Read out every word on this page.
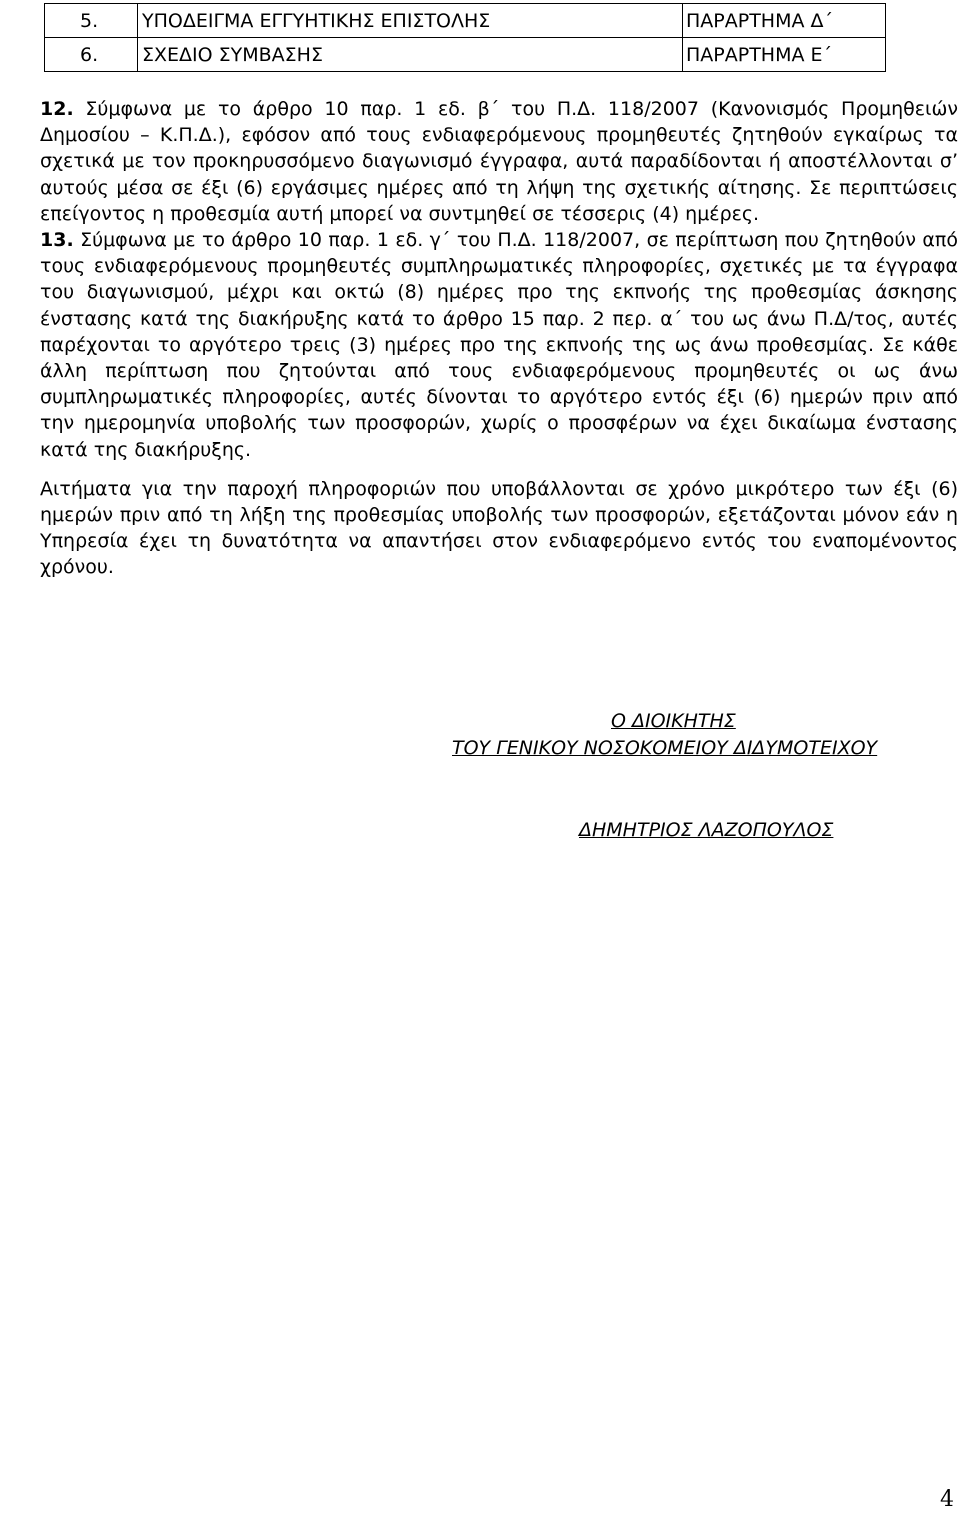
5.	ΥΠΟΔΕΙΓΜΑ ΕΓΓΥΗΤΙΚΗΣ ΕΠΙΣΤΟΛΗΣ	ΠΑΡΑΡΤΗΜΑ Δ΄
6.	ΣΧΕΔΙΟ ΣΥΜΒΑΣΗΣ	ΠΑΡΑΡΤΗΜΑ Ε΄

12. Σύμφωνα με το άρθρο 10 παρ. 1 εδ. β΄ του Π.Δ. 118/2007 (Κανονισμός Προμηθειών Δημοσίου – Κ.Π.Δ.), εφόσον από τους ενδιαφερόμενους προμηθευτές ζητηθούν εγκαίρως τα σχετικά με τον προκηρυσσόμενο διαγωνισμό έγγραφα, αυτά παραδίδονται ή αποστέλλονται σ’ αυτούς μέσα σε έξι (6) εργάσιμες ημέρες από τη λήψη της σχετικής αίτησης. Σε περιπτώσεις επείγοντος η προθεσμία αυτή μπορεί να συντμηθεί σε τέσσερις (4) ημέρες.

13. Σύμφωνα με το άρθρο 10 παρ. 1 εδ. γ΄ του Π.Δ. 118/2007, σε περίπτωση που ζητηθούν από τους ενδιαφερόμενους προμηθευτές συμπληρωματικές πληροφορίες, σχετικές με τα έγγραφα του διαγωνισμού, μέχρι και οκτώ (8) ημέρες προ της εκπνοής της προθεσμίας άσκησης ένστασης κατά της διακήρυξης κατά το άρθρο 15 παρ. 2 περ. α΄ του ως άνω Π.Δ/τος, αυτές παρέχονται το αργότερο τρεις (3) ημέρες προ της εκπνοής της ως άνω προθεσμίας. Σε κάθε άλλη περίπτωση που ζητούνται από τους ενδιαφερόμενους προμηθευτές οι ως άνω συμπληρωματικές πληροφορίες, αυτές δίνονται το αργότερο εντός έξι (6) ημερών πριν από την ημερομηνία υποβολής των προσφορών, χωρίς ο προσφέρων να έχει δικαίωμα ένστασης κατά της διακήρυξης.

Αιτήματα για την παροχή πληροφοριών που υποβάλλονται σε χρόνο μικρότερο των έξι (6) ημερών πριν από τη λήξη της προθεσμίας υποβολής των προσφορών, εξετάζονται μόνον εάν η Υπηρεσία έχει τη δυνατότητα να απαντήσει στον ενδιαφερόμενο εντός του εναπομένοντος χρόνου.

Ο ΔΙΟΙΚΗΤΗΣ
ΤΟΥ ΓΕΝΙΚΟΥ ΝΟΣΟΚΟΜΕΙΟΥ ΔΙΔΥΜΟΤΕΙΧΟΥ
ΔΗΜΗΤΡΙΟΣ ΛΑΖΟΠΟΥΛΟΣ
4
